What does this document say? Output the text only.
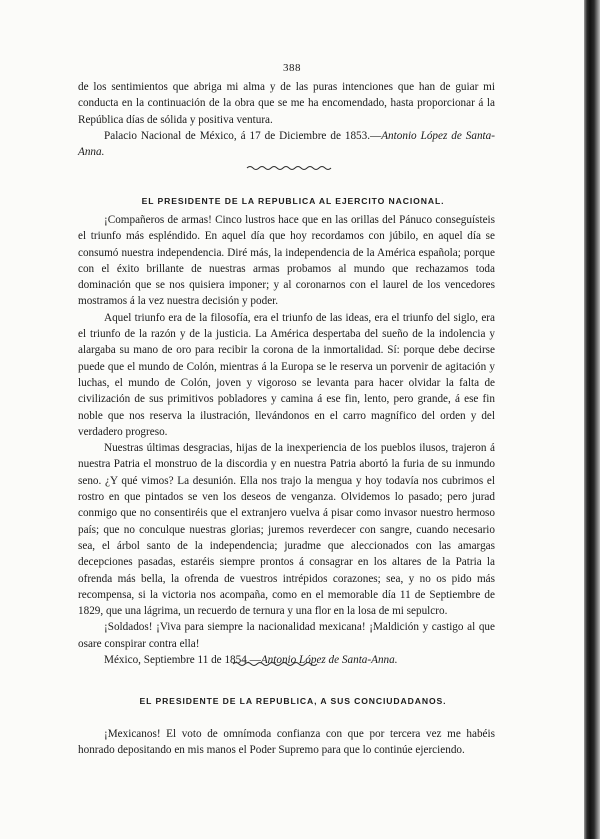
388

de los sentimientos que abriga mi alma y de las puras intenciones que han de guiar mi conducta en la continuación de la obra que se me ha encomendado, hasta proporcionar á la República días de sólida y positiva ventura.

Palacio Nacional de México, á 17 de Diciembre de 1853.—Antonio López de Santa-Anna.

EL PRESIDENTE DE LA REPUBLICA AL EJERCITO NACIONAL.

¡Compañeros de armas! Cinco lustros hace que en las orillas del Pánuco conseguísteis el triunfo más espléndido. En aquel día que hoy recordamos con júbilo, en aquel día se consumó nuestra independencia. Diré más, la independencia de la América española; porque con el éxito brillante de nuestras armas probamos al mundo que rechazamos toda dominación que se nos quisiera imponer; y al coronarnos con el laurel de los vencedores mostramos á la vez nuestra decisión y poder.

Aquel triunfo era de la filosofía, era el triunfo de las ideas, era el triunfo del siglo, era el triunfo de la razón y de la justicia. La América despertaba del sueño de la indolencia y alargaba su mano de oro para recibir la corona de la inmortalidad. Sí: porque debe decirse puede que el mundo de Colón, mientras á la Europa se le reserva un porvenir de agitación y luchas, el mundo de Colón, joven y vigoroso se levanta para hacer olvidar la falta de civilización de sus primitivos pobladores y camina á ese fin, lento, pero grande, á ese fin noble que nos reserva la ilustración, llevándonos en el carro magnífico del orden y del verdadero progreso.

Nuestras últimas desgracias, hijas de la inexperiencia de los pueblos ilusos, trajeron á nuestra Patria el monstruo de la discordia y en nuestra Patria abortó la furia de su inmundo seno. ¿Y qué vimos? La desunión. Ella nos trajo la mengua y hoy todavía nos cubrimos el rostro en que pintados se ven los deseos de venganza. Olvidemos lo pasado; pero jurad conmigo que no consentiréis que el extranjero vuelva á pisar como invasor nuestro hermoso país; que no conculque nuestras glorias; juremos reverdecer con sangre, cuando necesario sea, el árbol santo de la independencia; juradme que aleccionados con las amargas decepciones pasadas, estaréis siempre prontos á consagrar en los altares de la Patria la ofrenda más bella, la ofrenda de vuestros intrépidos corazones; sea, y no os pido más recompensa, si la victoria nos acompaña, como en el memorable día 11 de Septiembre de 1829, que una lágrima, un recuerdo de ternura y una flor en la losa de mi sepulcro.

¡Soldados! ¡Viva para siempre la nacionalidad mexicana! ¡Maldición y castigo al que osare conspirar contra ella!

México, Septiembre 11 de 1854.—Antonio López de Santa-Anna.

EL PRESIDENTE DE LA REPUBLICA, A SUS CONCIUDADANOS.

¡Mexicanos! El voto de omnímoda confianza con que por tercera vez me habéis honrado depositando en mis manos el Poder Supremo para que lo continúe ejerciendo.
